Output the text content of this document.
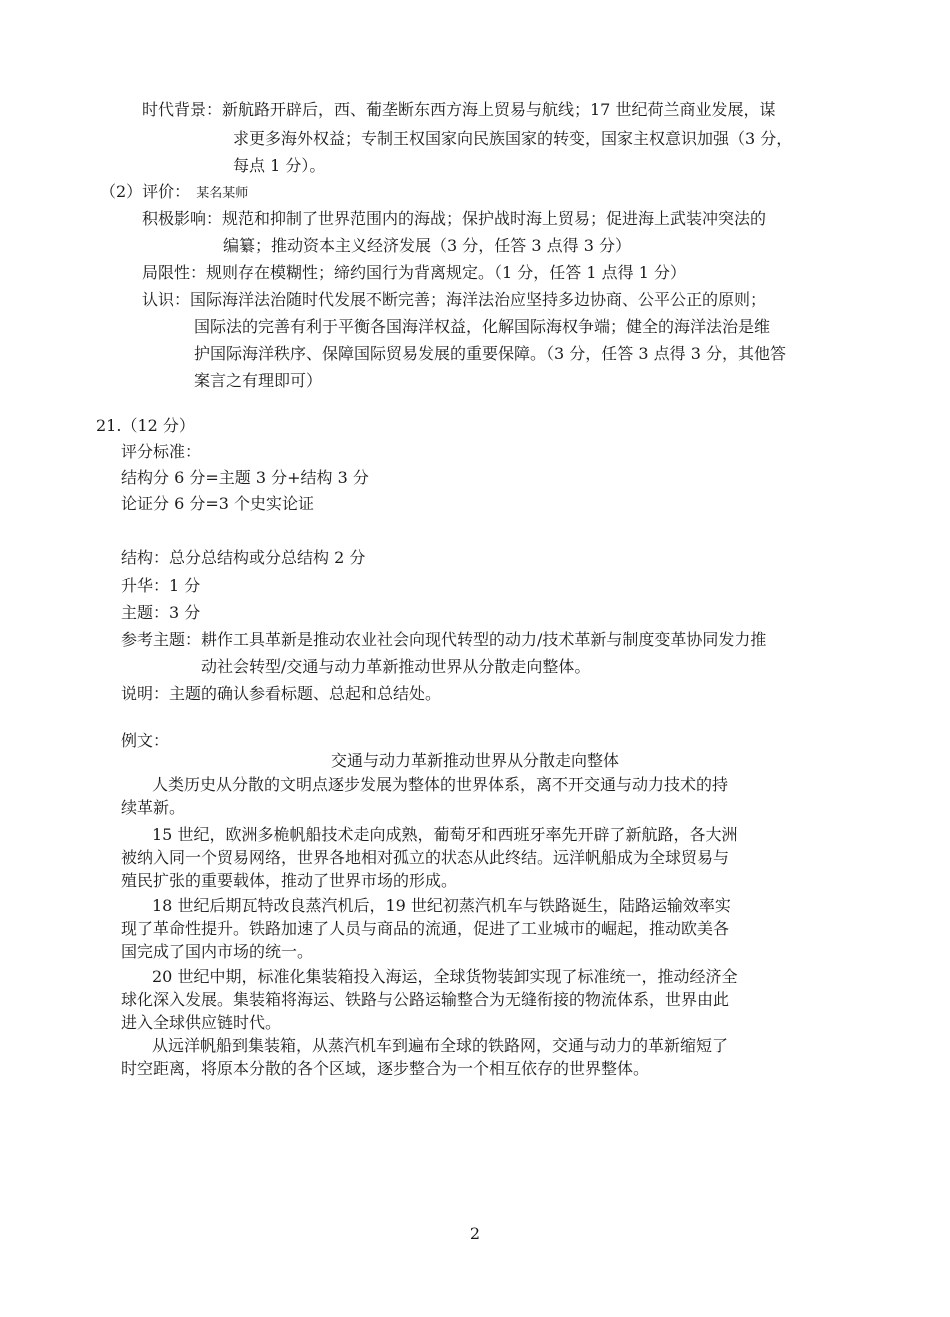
时代背景：新航路开辟后，西、葡垄断东西方海上贸易与航线；17 世纪荷兰商业发展，谋

求更多海外权益；专制王权国家向民族国家的转变，国家主权意识加强（3 分，

每点 1 分）。

（2）评价： 某名某师

积极影响：规范和抑制了世界范围内的海战；保护战时海上贸易；促进海上武装冲突法的

编纂；推动资本主义经济发展（3 分，任答 3 点得 3 分）

局限性：规则存在模糊性；缔约国行为背离规定。（1 分，任答 1 点得 1 分）

认识：国际海洋法治随时代发展不断完善；海洋法治应坚持多边协商、公平公正的原则；

国际法的完善有利于平衡各国海洋权益，化解国际海权争端；健全的海洋法治是维

护国际海洋秩序、保障国际贸易发展的重要保障。（3 分，任答 3 点得 3 分，其他答

案言之有理即可）

21.（12 分）

评分标准：

结构分 6 分=主题 3 分+结构 3 分

论证分 6 分=3 个史实论证

结构：总分总结构或分总结构 2 分

升华：1 分

主题：3 分

参考主题：耕作工具革新是推动农业社会向现代转型的动力/技术革新与制度变革协同发力推

动社会转型/交通与动力革新推动世界从分散走向整体。

说明：主题的确认参看标题、总起和总结处。

例文：

交通与动力革新推动世界从分散走向整体

人类历史从分散的文明点逐步发展为整体的世界体系，离不开交通与动力技术的持

续革新。

15 世纪，欧洲多桅帆船技术走向成熟，葡萄牙和西班牙率先开辟了新航路，各大洲

被纳入同一个贸易网络，世界各地相对孤立的状态从此终结。远洋帆船成为全球贸易与

殖民扩张的重要载体，推动了世界市场的形成。

18 世纪后期瓦特改良蒸汽机后，19 世纪初蒸汽机车与铁路诞生，陆路运输效率实

现了革命性提升。铁路加速了人员与商品的流通，促进了工业城市的崛起，推动欧美各

国完成了国内市场的统一。

20 世纪中期，标准化集装箱投入海运，全球货物装卸实现了标准统一，推动经济全

球化深入发展。集装箱将海运、铁路与公路运输整合为无缝衔接的物流体系，世界由此

进入全球供应链时代。

从远洋帆船到集装箱，从蒸汽机车到遍布全球的铁路网，交通与动力的革新缩短了

时空距离，将原本分散的各个区域，逐步整合为一个相互依存的世界整体。

2
